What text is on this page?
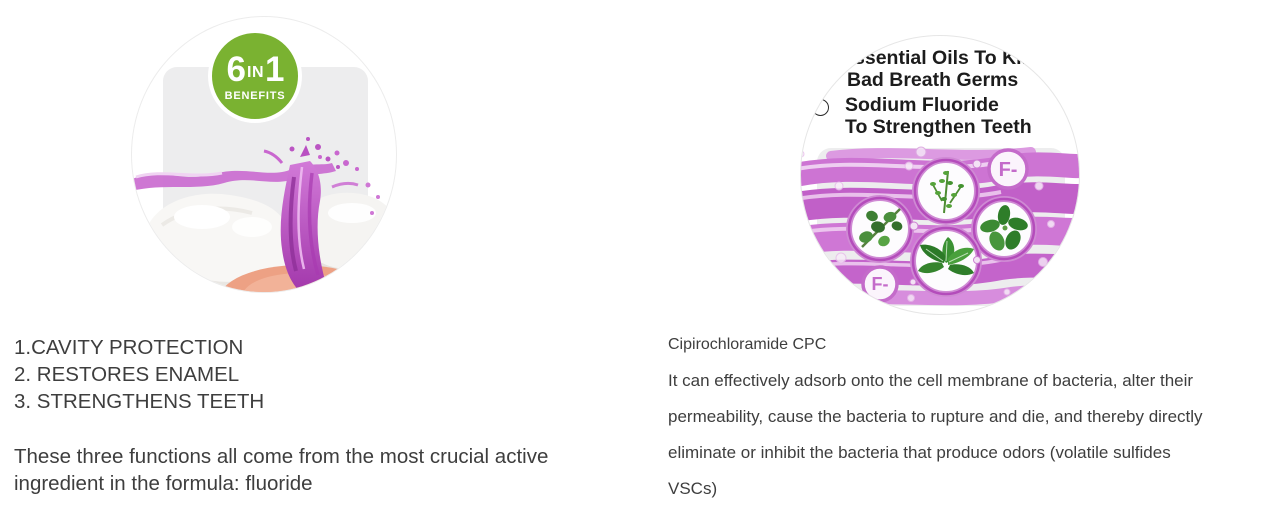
6 IN 1
BENEFITS
F-
F-
Essential Oils To Kill
Bad Breath Germs
Sodium Fluoride
To Strengthen Teeth
1.CAVITY PROTECTION
2. RESTORES ENAMEL
3. STRENGTHENS TEETH
These three functions all come from the most crucial active
ingredient in the formula: fluoride
Cipirochloramide CPC
It can effectively adsorb onto the cell membrane of bacteria, alter their
permeability, cause the bacteria to rupture and die, and thereby directly
eliminate or inhibit the bacteria that produce odors (volatile sulfides
VSCs)
